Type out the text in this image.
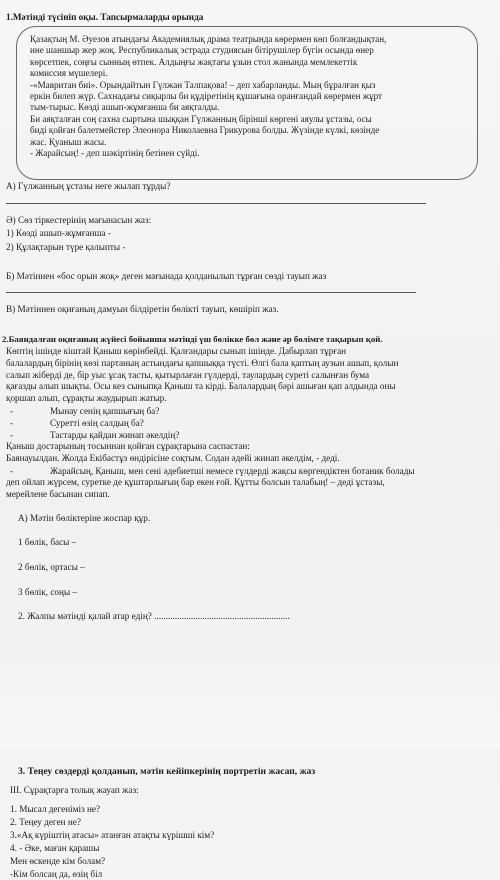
1.Мәтінді түсініп оқы. Тапсырмаларды орында

Қазақтың М. Әуезов атындағы Академиялық драма театрында көрермен көп болғандықтан,

ине шаншыр жер жоқ. Республикалық эстрада студиясын бітірушілер бүгін осында өнер

көрсетпек, соңғы сынның өтпек. Алдыңғы жақтағы ұзын стол жанында мемлекеттік

комиссия мүшелері.

-«Мавритан биі». Орындайтын Гүлжан Талпақова! – деп хабарланды. Мың бұралған қыз

еркін билеп жүр. Сахнадағы сиқырлы би құдіретінің құшағына оранғандай көрермен жұрт

тым-тырыс. Көзді ашып-жұмғанша би аяқталды.

Би аяқталған соң сахна сыртына шыққан Гүлжанның бірінші көргені аяулы ұстазы, осы

биді қойған балетмейстер Элеонора Николаевна Грикурова болды. Жүзінде күлкі, көзінде

жас. Қуаныш жасы.

- Жарайсың! - деп шәкіртінің бетінен сүйді.

А) Гүлжанның ұстазы неге жылап тұрды?
Ә) Сөз тіркестерінің мағынасын жаз:
1) Көзді ашып-жұмғанша -
2) Құлақтарын түре қалыпты -
Б) Мәтіннен «бос орын жоқ» деген мағынада қолданылып тұрған сөзді тауып жаз
В) Мәтіннен оқиғаның дамуын білдіретін бөлікті тауып, көшіріп жаз.
2.Баяндалған оқиғаның жүйесі бойынша мәтінді үш бөлікке бөл және әр бөлімге тақырып қой.

Көптің ішінде кіштай Қаныш көрінбейді. Қалғандары сынып ішінде. Дабырлап тұрған

балалардың бірінің көзі партаның астындағы қапшыққа түсті. Өлгі бала қаптың аузын ашып, қолын

салып жіберді де, бір уыс ұсақ тасты, қытырлаған гүлдерді, таулардың суреті салынған бума

қағазды алып шықты. Осы кез сыныпқа Қаныш та кірді. Балалардың бәрі ашыған қап алдында оны

қоршап алып, сұрақты жаудырып жатыр.

-	Мынау сенің қапшығың ба?
-	Суретті өзің салдың ба?
-	Тастарды қайдан жинап әкелдің?

Қаныш достарының тосыннан қойған сұрақтарына саспастан:

Баянауылдан. Жолда Екібастұз өндірісіне соқтым. Содан әдейі жинап әкелдім, - деді.

-	Жарайсың, Қаныш, мен сені әдебиетші немесе гүлдерді жақсы көргендіктен ботаник болады

деп ойлап жүрсем, суретке де құштарлығың бар екен ғой. Құтты болсын талабың! – деді ұстазы,

мерейлене басынан сипап.

А) Мәтін бөліктеріне жоспар құр.
1 бөлік, басы –
2 бөлік, ортасы –
3 бөлік, соңы –
2. Жалпы мәтінді қалай атар едің? ...........................................................
3. Теңеу сөздерді қолданып, мәтін кейіпкерінің портретін жасап, жаз
ІІІ. Сұрақтарға толық жауап жаз:
1. Мысал дегеніміз не?
2. Теңеу деген не?
3.«Ақ күріштің атасы» атанған атақты күрішші кім?
4. - Әке, маған қарашы
Мен өскенде кім болам?
-Кім болсаң да, өзің біл
